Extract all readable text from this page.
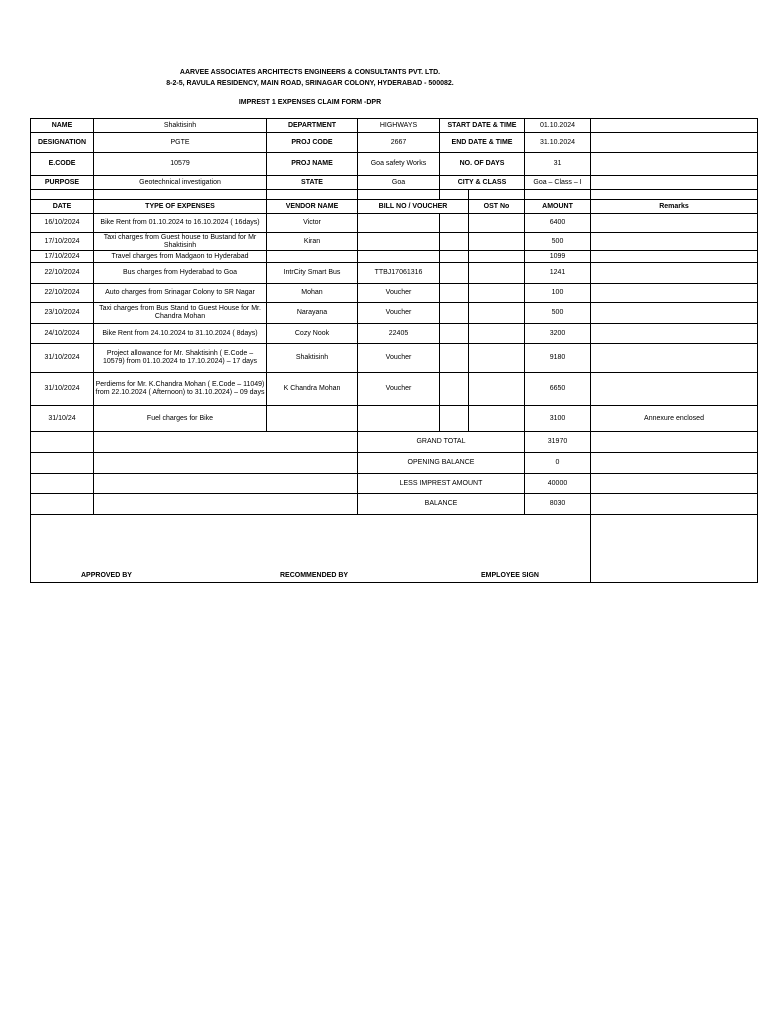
AARVEE ASSOCIATES ARCHITECTS ENGINEERS & CONSULTANTS PVT. LTD.
8-2-5, RAVULA RESIDENCY, MAIN ROAD, SRINAGAR COLONY, HYDERABAD - 500082.
IMPREST 1 EXPENSES CLAIM FORM -DPR
NAME	Shaktisinh	DEPARTMENT	HIGHWAYS	START DATE & TIME		01.10.2024	
DESIGNATION	PGTE	PROJ CODE	2667	END DATE & TIME		31.10.2024	
E.CODE	10579	PROJ NAME	Goa safety Works	NO. OF DAYS		31	
PURPOSE	Geotechnical investigation	STATE	Goa	CITY & CLASS		Goa – Class – I	

DATE	TYPE OF EXPENSES	VENDOR NAME	BILL NO / VOUCHER		OST No	AMOUNT	Remarks
16/10/2024	Bike Rent from 01.10.2024 to 16.10.2024 ( 16days)	Victor				6400	
17/10/2024	Taxi charges from Guest house to Bustand for Mr Shaktisinh	Kiran				500	
17/10/2024	Travel charges from Madgaon to Hyderabad					1099	
22/10/2024	Bus charges from Hyderabad to Goa	IntrCity Smart Bus	TTBJ17061316			1241	
22/10/2024	Auto charges from Srinagar Colony to SR Nagar	Mohan	Voucher			100	
23/10/2024	Taxi charges from Bus Stand to Guest House for Mr. Chandra Mohan	Narayana	Voucher			500	
24/10/2024	Bike Rent from 24.10.2024 to 31.10.2024 ( 8days)	Cozy Nook	22405			3200	
31/10/2024	Project allowance for Mr. Shaktisinh ( E.Code – 10579) from 01.10.2024 to 17.10.2024) – 17 days	Shaktisinh	Voucher			9180	
31/10/2024	Perdiems for Mr. K.Chandra Mohan ( E.Code – 11049) from 22.10.2024 ( Afternoon) to 31.10.2024) – 09 days	K Chandra Mohan	Voucher			6650	
31/10/24	Fuel charges for Bike					3100	Annexure enclosed
			GRAND TOTAL			31970	
			OPENING BALANCE			0	
			LESS IMPREST AMOUNT			40000	
			BALANCE			8030	

APPROVED BY RECOMMENDED BY EMPLOYEE SIGN							
